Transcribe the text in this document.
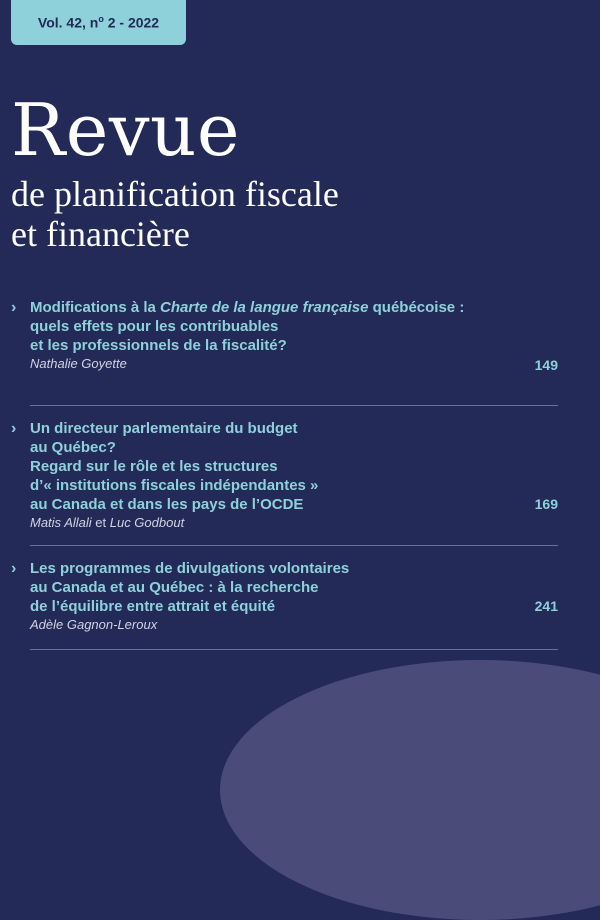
Vol. 42, $n^o$ 2 - 2022
Revue
de planification fiscale
et financière
› Modifications à la Charte de la langue française québécoise :
quels effets pour les contribuables
et les professionnels de la fiscalité?
Nathalie Goyette	149
› Un directeur parlementaire du budget
au Québec?
Regard sur le rôle et les structures
d’« institutions fiscales indépendantes »
au Canada et dans les pays de l’OCDE
Matis Allali et Luc Godbout
169
› Les programmes de divulgations volontaires
au Canada et au Québec : à la recherche
de l’équilibre entre attrait et équité
Adèle Gagnon-Leroux
241
